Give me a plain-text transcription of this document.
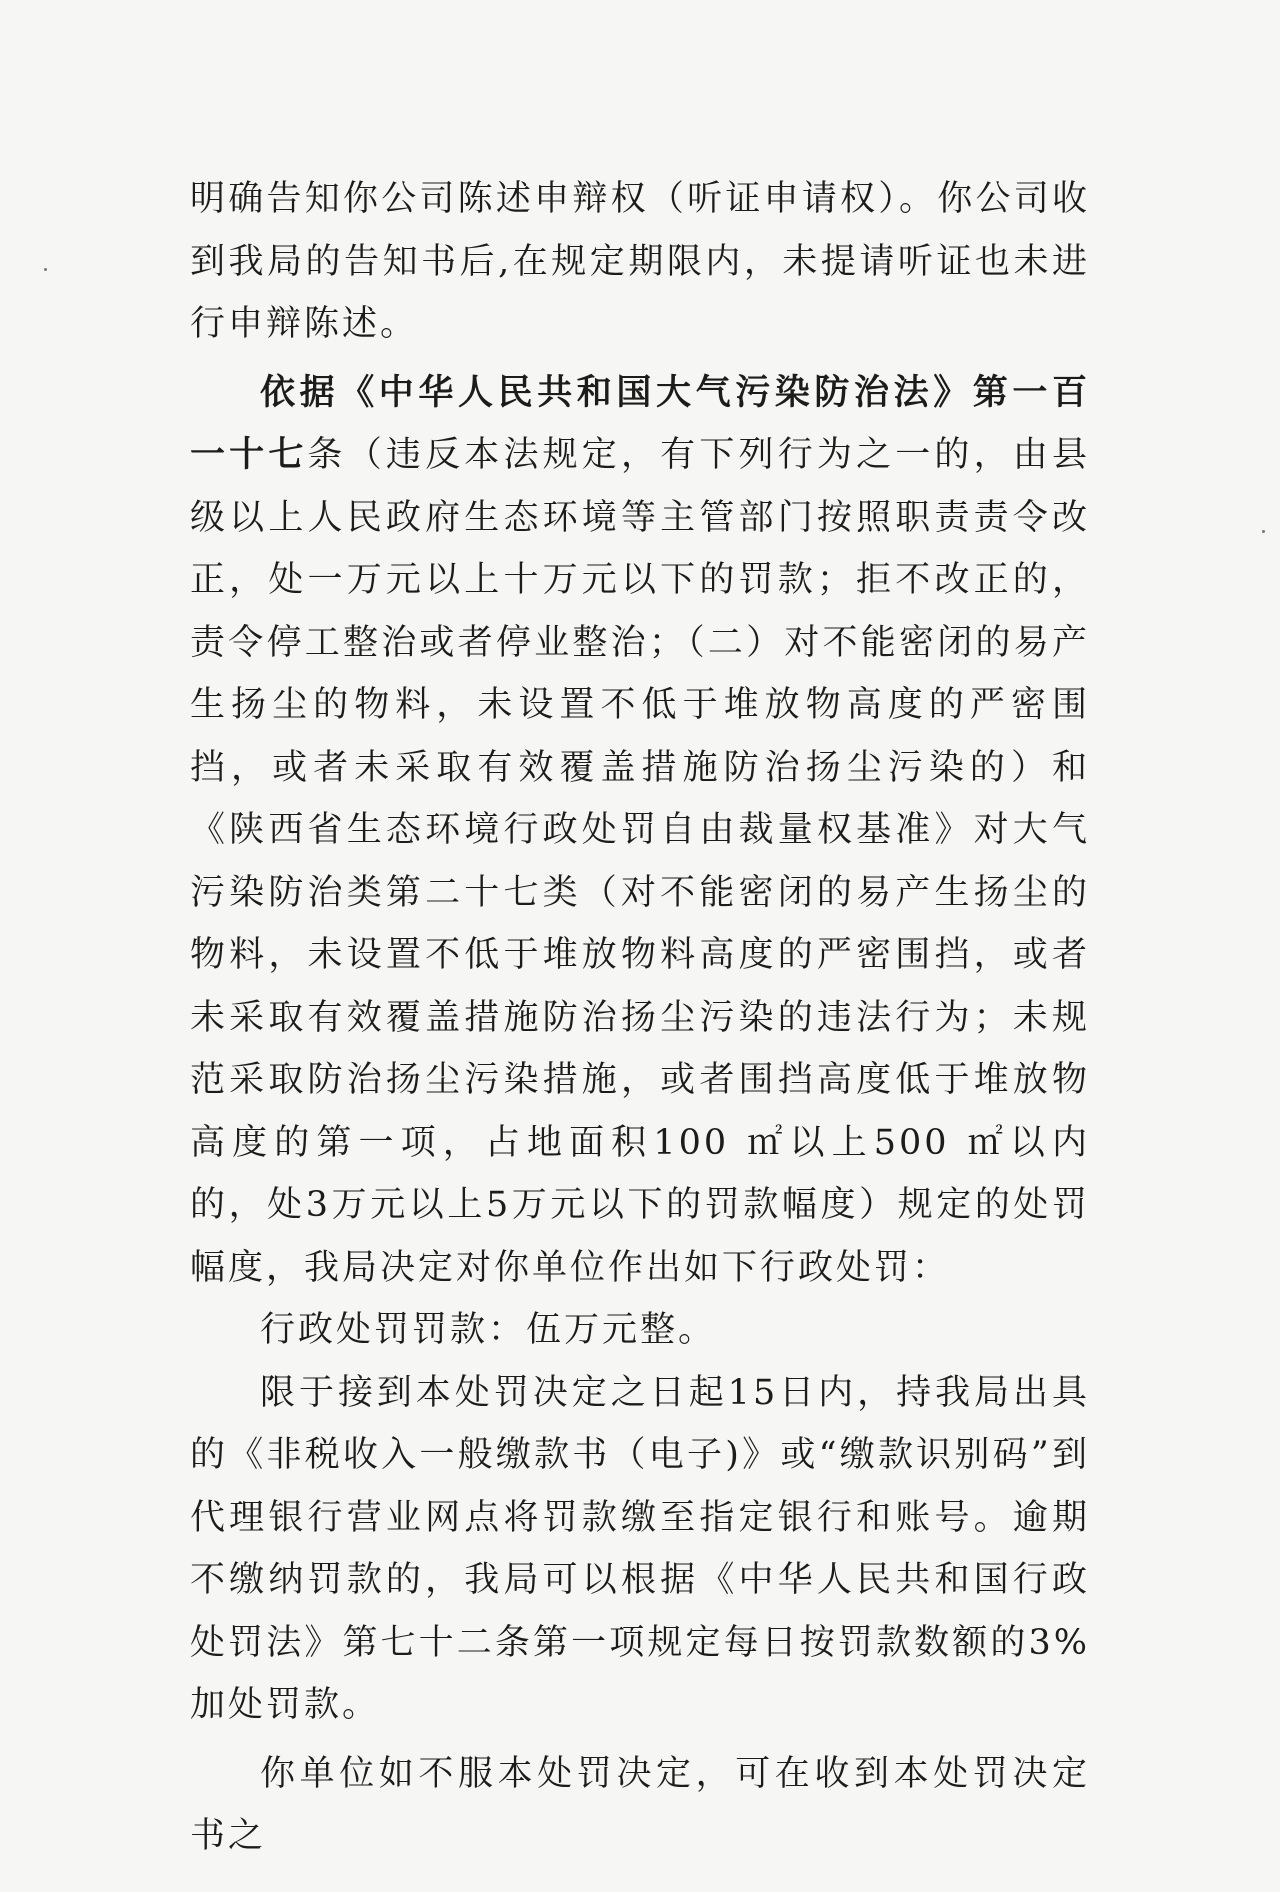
明确告知你公司陈述申辩权（听证申请权）。你公司收到我局的告知书后,在规定期限内，未提请听证也未进行申辩陈述。

依据《中华人民共和国大气污染防治法》第一百一十七条（违反本法规定，有下列行为之一的，由县级以上人民政府生态环境等主管部门按照职责责令改正，处一万元以上十万元以下的罚款；拒不改正的，责令停工整治或者停业整治；（二）对不能密闭的易产生扬尘的物料，未设置不低于堆放物高度的严密围挡，或者未采取有效覆盖措施防治扬尘污染的）和《陕西省生态环境行政处罚自由裁量权基准》对大气污染防治类第二十七类（对不能密闭的易产生扬尘的物料，未设置不低于堆放物料高度的严密围挡，或者未采取有效覆盖措施防治扬尘污染的违法行为；未规范采取防治扬尘污染措施，或者围挡高度低于堆放物高度的第一项，占地面积100 ㎡以上500 ㎡以内的，处3万元以上5万元以下的罚款幅度）规定的处罚幅度，我局决定对你单位作出如下行政处罚：

行政处罚罚款：伍万元整。

限于接到本处罚决定之日起15日内，持我局出具的《非税收入一般缴款书（电子)》或“缴款识别码”到代理银行营业网点将罚款缴至指定银行和账号。逾期不缴纳罚款的，我局可以根据《中华人民共和国行政处罚法》第七十二条第一项规定每日按罚款数额的3%加处罚款。

你单位如不服本处罚决定，可在收到本处罚决定书之
